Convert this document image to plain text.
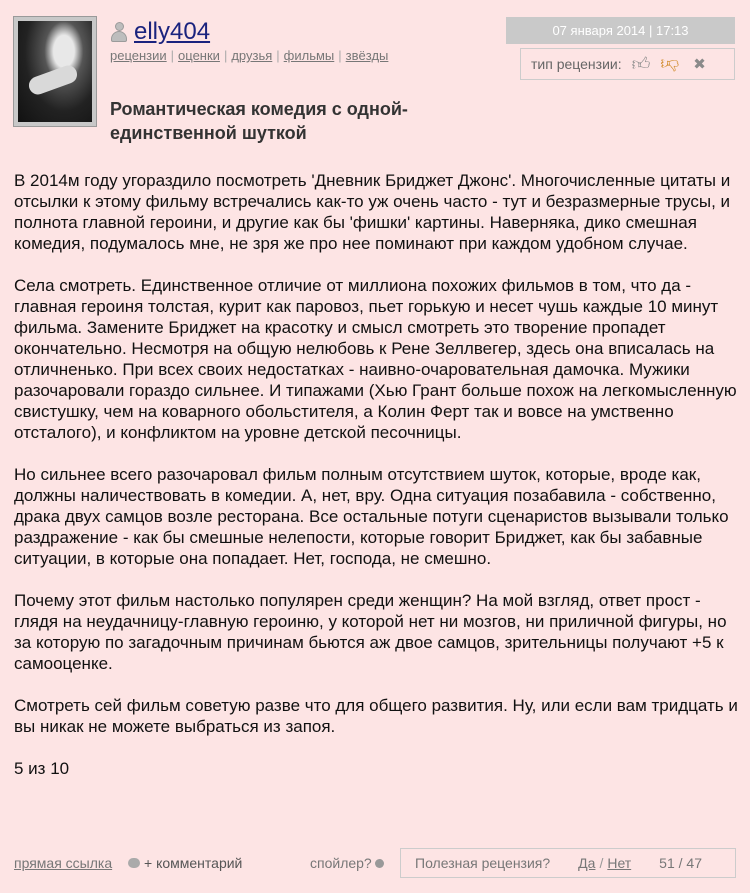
elly404
рецензии | оценки | друзья | фильмы | звёзды
07 января 2014 | 17:13
тип рецензии: 👍︎ 👍︎ ✖︎
Романтическая комедия с одной-единственной шуткой

В 2014м году угораздило посмотреть 'Дневник Бриджет Джонс'. Многочисленные цитаты и отсылки к этому фильму встречались как-то уж очень часто - тут и безразмерные трусы, и полнота главной героини, и другие как бы 'фишки' картины. Наверняка, дико смешная комедия, подумалось мне, не зря же про нее поминают при каждом удобном случае.

Села смотреть. Единственное отличие от миллиона похожих фильмов в том, что да - главная героиня толстая, курит как паровоз, пьет горькую и несет чушь каждые 10 минут фильма. Замените Бриджет на красотку и смысл смотреть это творение пропадет окончательно. Несмотря на общую нелюбовь к Рене Зеллвегер, здесь она вписалась на отличненько. При всех своих недостатках - наивно-очаровательная дамочка. Мужики разочаровали гораздо сильнее. И типажами (Хью Грант больше похож на легкомысленную свистушку, чем на коварного обольстителя, а Колин Ферт так и вовсе на умственно отсталого), и конфликтом на уровне детской песочницы.

Но сильнее всего разочаровал фильм полным отсутствием шуток, которые, вроде как, должны наличествовать в комедии. А, нет, вру. Одна ситуация позабавила - собственно, драка двух самцов возле ресторана. Все остальные потуги сценаристов вызывали только раздражение - как бы смешные нелепости, которые говорит Бриджет, как бы забавные ситуации, в которые она попадает. Нет, господа, не смешно.

Почему этот фильм настолько популярен среди женщин? На мой взгляд, ответ прост - глядя на неудачницу-главную героиню, у которой нет ни мозгов, ни приличной фигуры, но за которую по загадочным причинам бьются аж двое самцов, зрительницы получают +5 к самооценке.

Смотреть сей фильм советую разве что для общего развития. Ну, или если вам тридцать и вы никак не можете выбраться из запоя.

5 из 10

прямая ссылка + комментарий	спойлер?	Полезная рецензия? Да / Нет 51 / 47
